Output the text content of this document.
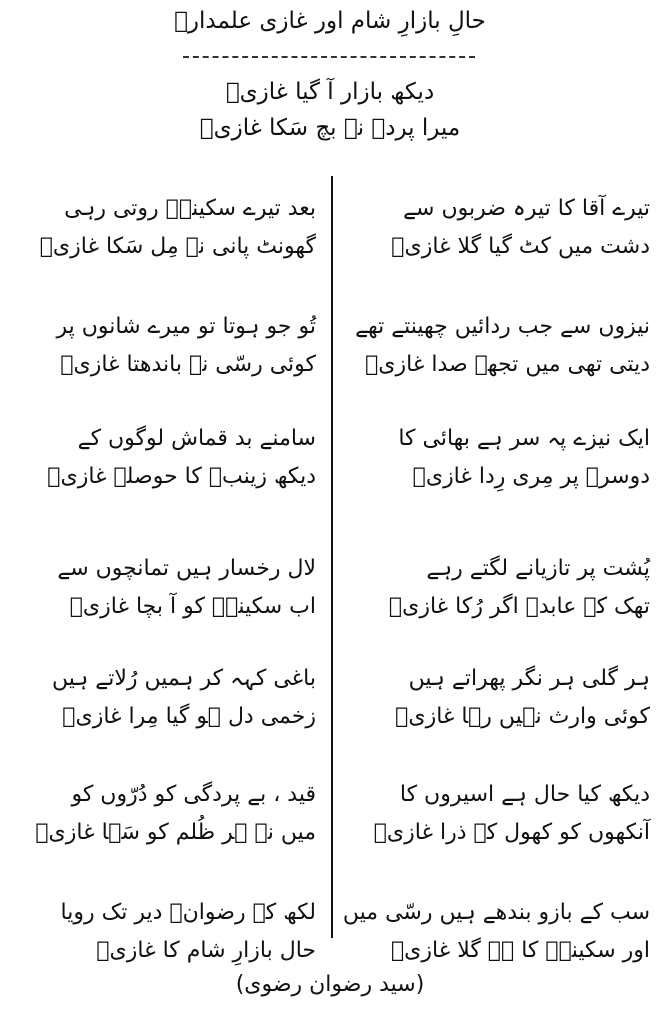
حالِ بازارِ شام اور غازی علمدارؑ
دیکھ بازار آ گیا غازیؑ
میرا پردہ نہ بچ سَکا غازیؑ
تیرے آقا کا تیرہ ضربوں سے
دشت میں کٹ گیا گلا غازیؑ
نیزوں سے جب ردائیں چھینتے تھے
دیتی تھی میں تجھے صدا غازیؑ
ایک نیزے پہ سر ہے بھائی کا
دوسرے پر مِری رِدا غازیؑ
پُشت پر تازیانے لگتے رہے
تھک کے عابدؑ اگر رُکا غازیؑ
ہر گلی ہر نگر پھراتے ہیں
کوئی وارث نہیں رہا غازیؑ
دیکھ کیا حال ہے اسیروں کا
آنکھوں کو کھول کے ذرا غازیؑ
سب کے بازو بندھے ہیں رسّی میں
اور سکینہؑ کا ہے گلا غازیؑ
بعد تیرے سکینہؑ روتی رہی
گھونٹ پانی نہ مِل سَکا غازیؑ
تُو جو ہوتا تو میرے شانوں پر
کوئی رسّی نہ باندھتا غازیؑ
سامنے بد قماش لوگوں کے
دیکھ زینبؑ کا حوصلہ غازیؑ
لال رخسار ہیں تمانچوں سے
اب سکینہؑ کو آ بچا غازیؑ
باغی کہہ کر ہمیں رُلاتے ہیں
زخمی دل ہو گیا مِرا غازیؑ
قید ، بے پردگی کو دُرّوں کو
میں نے ہر ظُلم کو سَہا غازیؑ
لکھ کے رضوانؔ دیر تک رویا
حال بازارِ شام کا غازیؑ
(سید رضوان رضوی)
